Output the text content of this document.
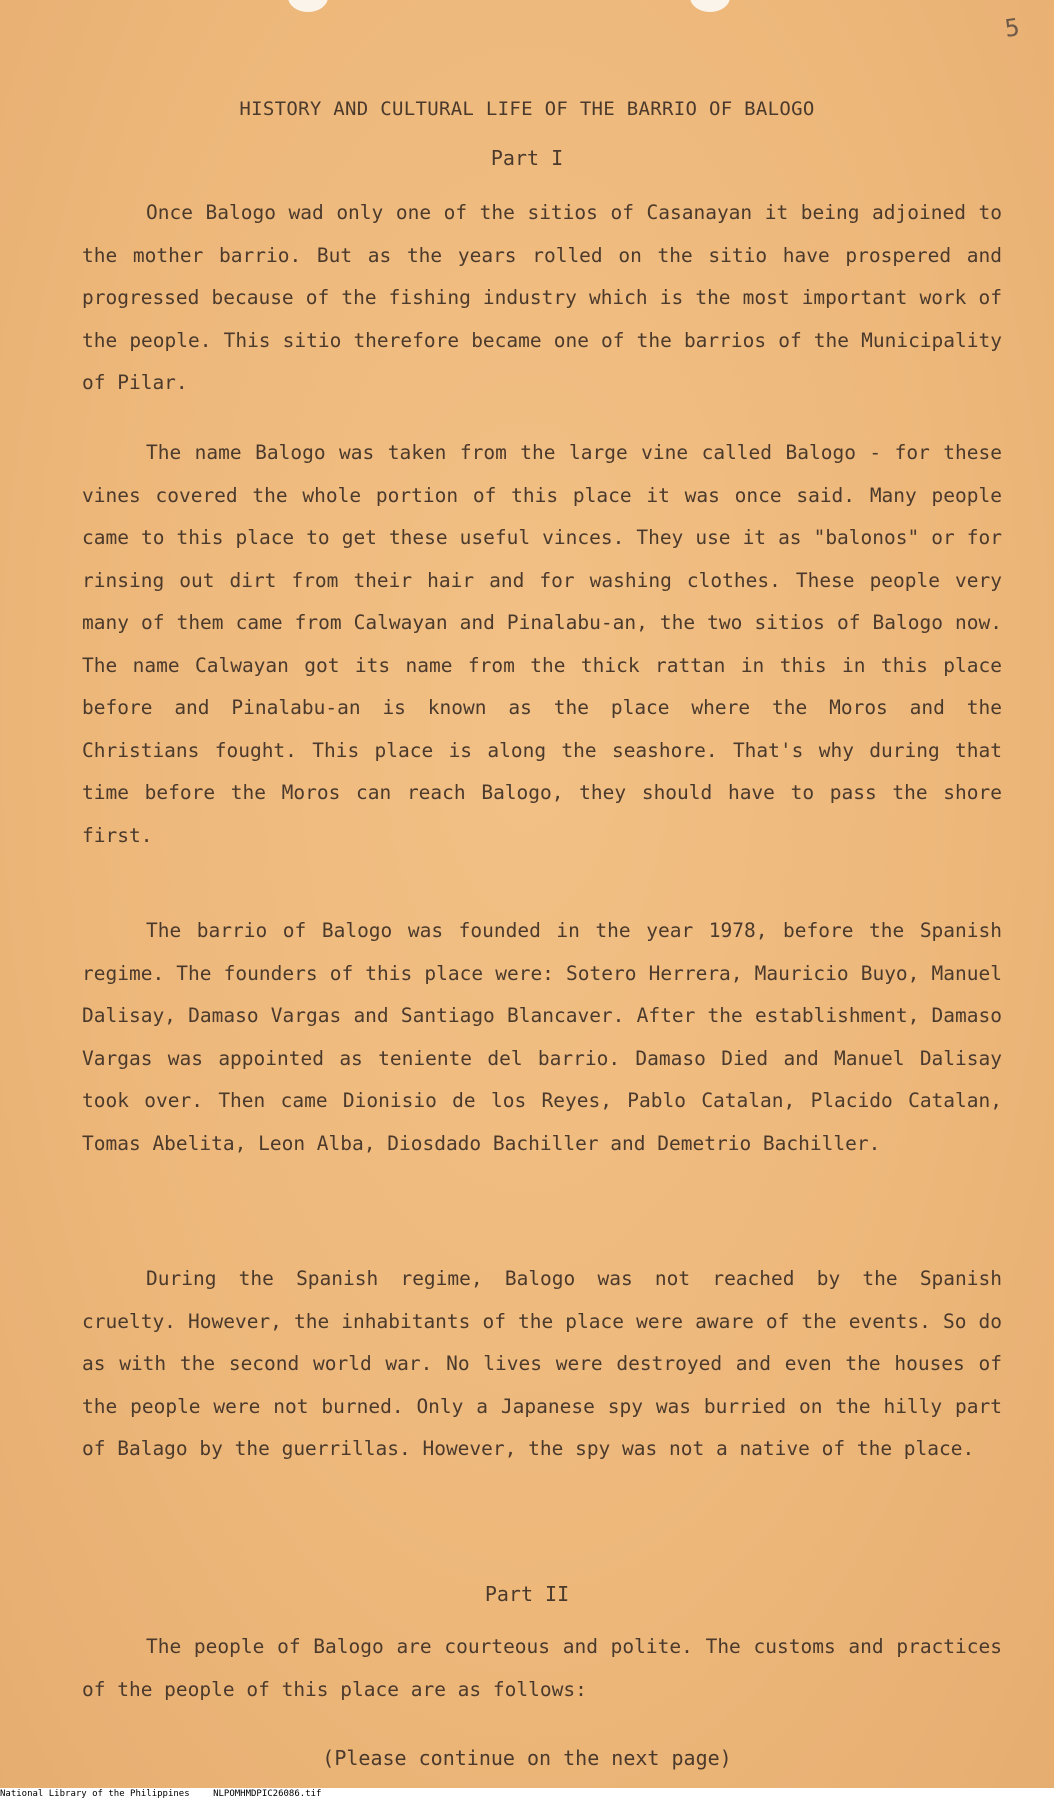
5
HISTORY AND CULTURAL LIFE OF THE BARRIO OF BALOGO
Part I
Once Balogo wad only one of the sitios of Casanayan it being adjoined to the mother barrio. But as the years rolled on the sitio have prospered and progressed because of the fishing industry which is the most important work of the people. This sitio therefore became one of the barrios of the Municipality of Pilar.
The name Balogo was taken from the large vine called Balogo - for these vines covered the whole portion of this place it was once said. Many people came to this place to get these useful vinces. They use it as "balonos" or for rinsing out dirt from their hair and for washing clothes. These people very many of them came from Calwayan and Pinalabu-an, the two sitios of Balogo now. The name Calwayan got its name from the thick rattan in this in this place before and Pinalabu-an is known as the place where the Moros and the Christians fought. This place is along the seashore. That's why during that time before the Moros can reach Balogo, they should have to pass the shore first.
The barrio of Balogo was founded in the year 1978, before the Spanish regime. The founders of this place were: Sotero Herrera, Mauricio Buyo, Manuel Dalisay, Damaso Vargas and Santiago Blancaver. After the establishment, Damaso Vargas was appointed as teniente del barrio. Damaso Died and Manuel Dalisay took over. Then came Dionisio de los Reyes, Pablo Catalan, Placido Catalan, Tomas Abelita, Leon Alba, Diosdado Bachiller and Demetrio Bachiller.
During the Spanish regime, Balogo was not reached by the Spanish cruelty. However, the inhabitants of the place were aware of the events. So do as with the second world war. No lives were destroyed and even the houses of the people were not burned. Only a Japanese spy was burried on the hilly part of Balago by the guerrillas. However, the spy was not a native of the place.
Part II
The people of Balogo are courteous and polite. The customs and practices of the people of this place are as follows:
(Please continue on the next page)
National Library of the Philippines	NLPOMHMDPIC26086.tif
